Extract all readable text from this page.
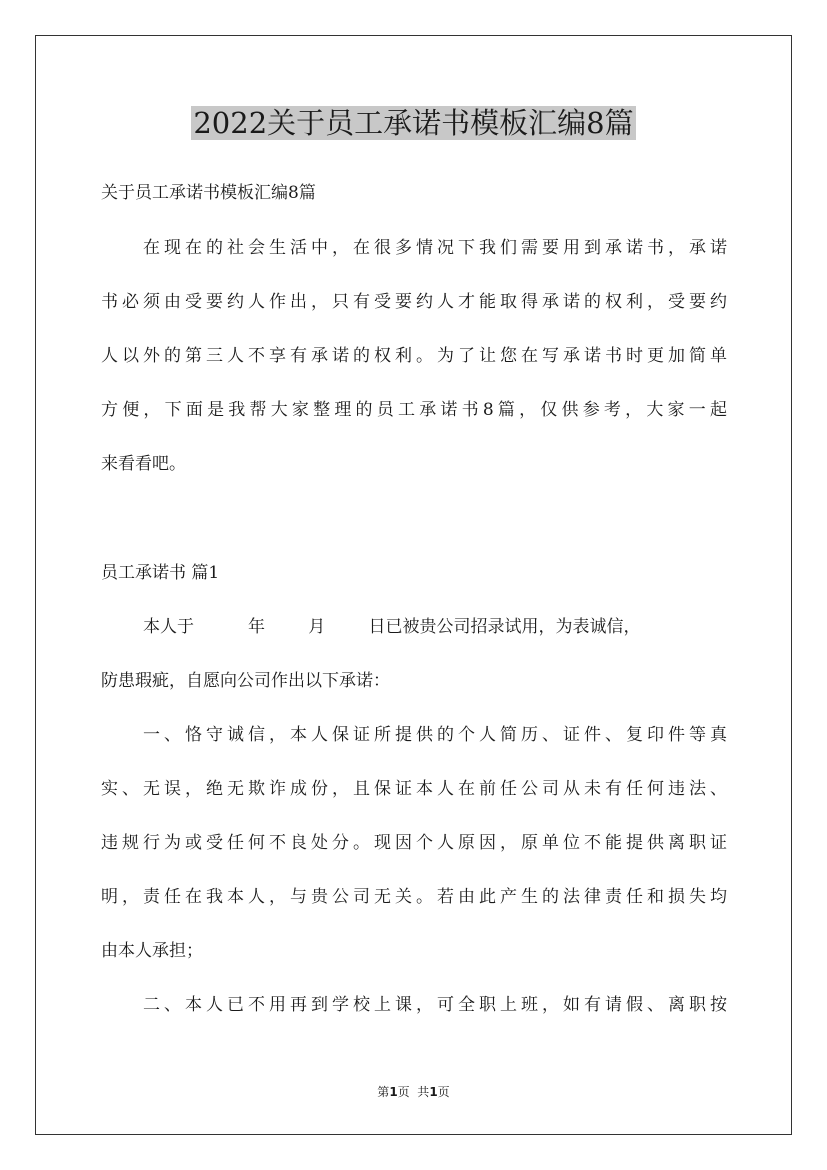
2022关于员工承诺书模板汇编8篇

关于员工承诺书模板汇编8篇

在现在的社会生活中，在很多情况下我们需要用到承诺书，承诺

书必须由受要约人作出，只有受要约人才能取得承诺的权利，受要约

人以外的第三人不享有承诺的权利。为了让您在写承诺书时更加简单

方便，下面是我帮大家整理的员工承诺书8篇，仅供参考，大家一起

来看看吧。

员工承诺书 篇1

本人于          年        月        日已被贵公司招录试用，为表诚信，

防患瑕疵，自愿向公司作出以下承诺：

一、恪守诚信，本人保证所提供的个人简历、证件、复印件等真

实、无误，绝无欺诈成份，且保证本人在前任公司从未有任何违法、

违规行为或受任何不良处分。现因个人原因，原单位不能提供离职证

明，责任在我本人，与贵公司无关。若由此产生的法律责任和损失均

由本人承担；

二、本人已不用再到学校上课，可全职上班，如有请假、离职按

第1页  共1页
